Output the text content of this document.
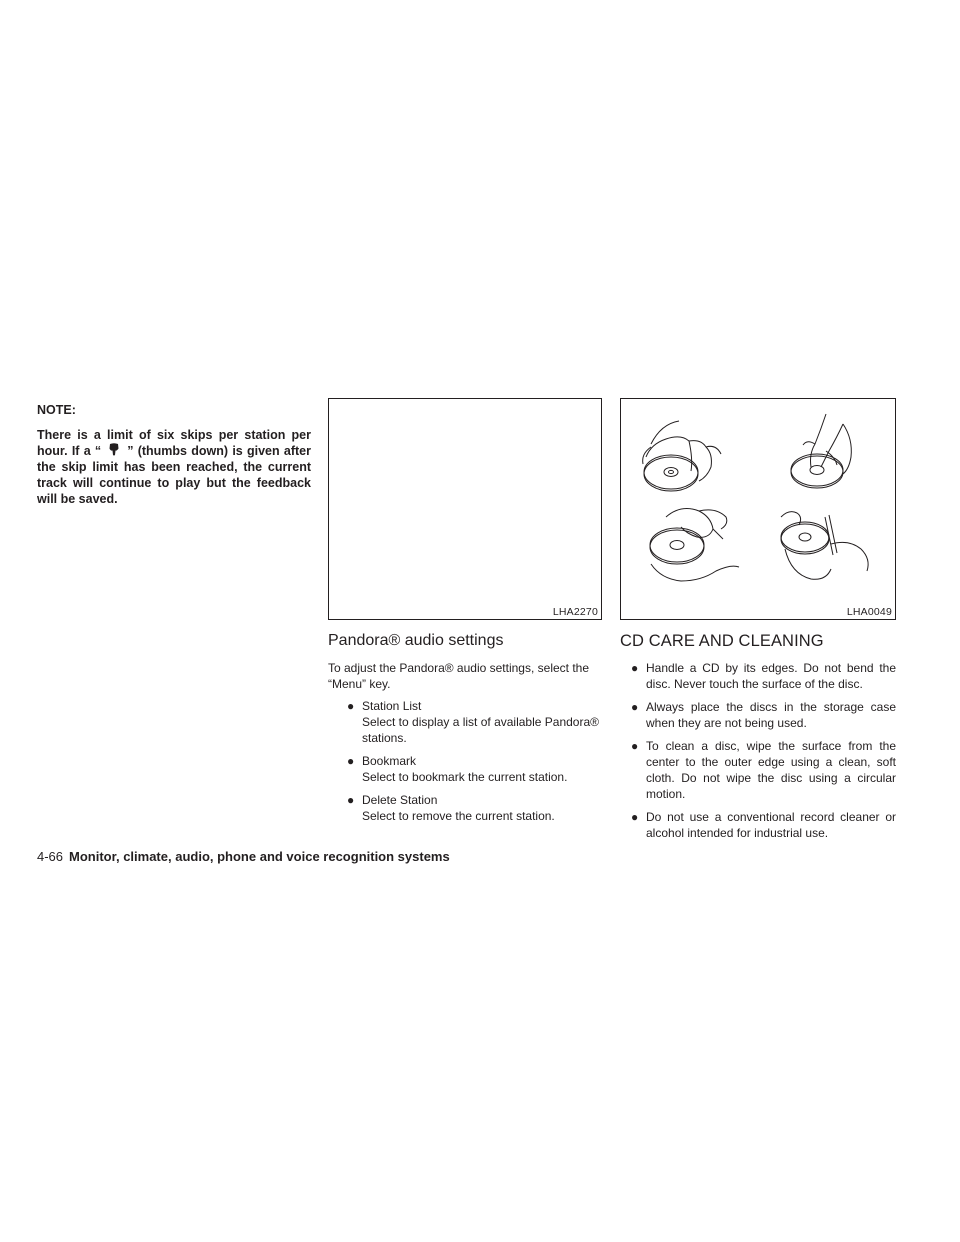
NOTE:

There is a limit of six skips per station per hour. If a “ ” (thumbs down) is given after the skip limit has been reached, the current track will continue to play but the feedback will be saved.

LHA2270
Pandora® audio settings

To adjust the Pandora® audio settings, select the “Menu” key.

● Station List
Select to display a list of available Pandora® stations.
● Bookmark
Select to bookmark the current station.
● Delete Station
Select to remove the current station.
LHA0049
CD CARE AND CLEANING
● Handle a CD by its edges. Do not bend the disc. Never touch the surface of the disc.
● Always place the discs in the storage case when they are not being used.
● To clean a disc, wipe the surface from the center to the outer edge using a clean, soft cloth. Do not wipe the disc using a circular motion.
● Do not use a conventional record cleaner or alcohol intended for industrial use.
4-66 Monitor, climate, audio, phone and voice recognition systems
